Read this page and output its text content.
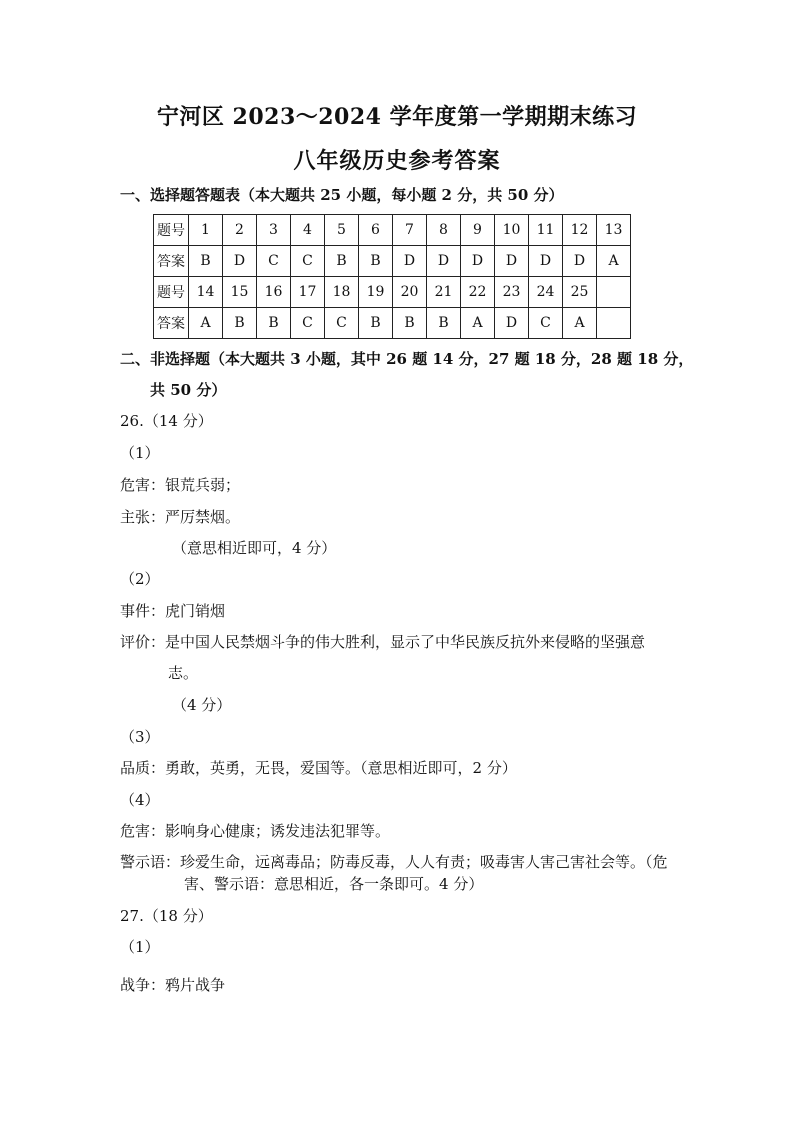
宁河区 2023～2024 学年度第一学期期末练习
八年级历史参考答案

一、选择题答题表（本大题共 25 小题，每小题 2 分，共 50 分）

题号	1	2	3	4	5	6	7	8	9	10	11	12	13
答案	B	D	C	C	B	B	D	D	D	D	D	D	A
题号	14	15	16	17	18	19	20	21	22	23	24	25	
答案	A	B	B	C	C	B	B	B	A	D	C	A	

二、非选择题（本大题共 3 小题，其中 26 题 14 分，27 题 18 分，28 题 18 分，

共 50 分）

26.（14 分）

（1）

危害：银荒兵弱；

主张：严厉禁烟。

（意思相近即可，4 分）

（2）

事件：虎门销烟

评价：是中国人民禁烟斗争的伟大胜利，显示了中华民族反抗外来侵略的坚强意

志。

（4 分）

（3）

品质：勇敢，英勇，无畏，爱国等。（意思相近即可，2 分）

（4）

危害：影响身心健康；诱发违法犯罪等。

警示语：珍爱生命，远离毒品；防毒反毒，人人有责；吸毒害人害己害社会等。（危

害、警示语：意思相近，各一条即可。4 分）

27.（18 分）

（1）

战争：鸦片战争
